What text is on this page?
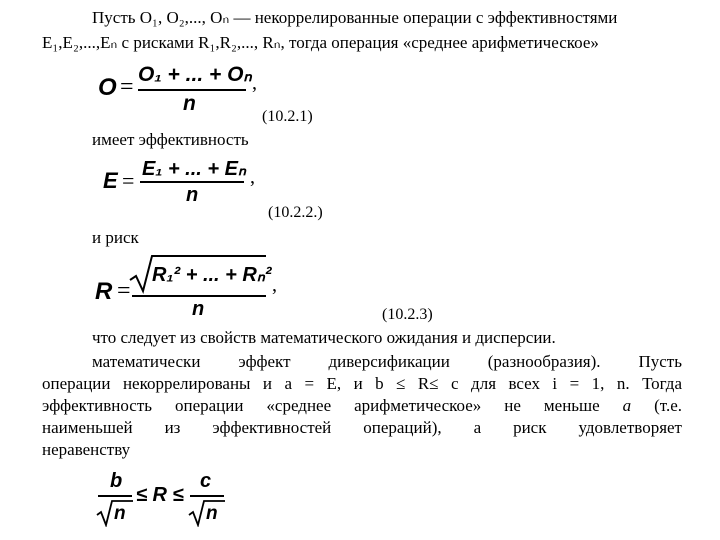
Пусть O₁, O₂,..., Oₙ — некоррелированные операции с эффективностями
E₁,E₂,...,Eₙ с рисками R₁,R₂,..., Rₙ, тогда операция «среднее арифметическое»
O = O₁ + ... + Oₙ
n
,
(10.2.1)
имеет эффективность
E = E₁ + ... + Eₙ
n
,
(10.2.2.)
и риск
R =
R₁² + ... + Rₙ²
n
,
(10.2.3)
что следует из свойств математического ожидания и дисперсии.
математически эффект диверсификации (разнообразия). Пусть
операции некоррелированы и a = E, и b ≤ R≤ c для всех i = 1, n. Тогда
эффективность операции «среднее арифметическое» не меньше a (т.е.
наименьшей из эффективностей операций), а риск удовлетворяет
неравенству
b
n
≤ R ≤
c
n
